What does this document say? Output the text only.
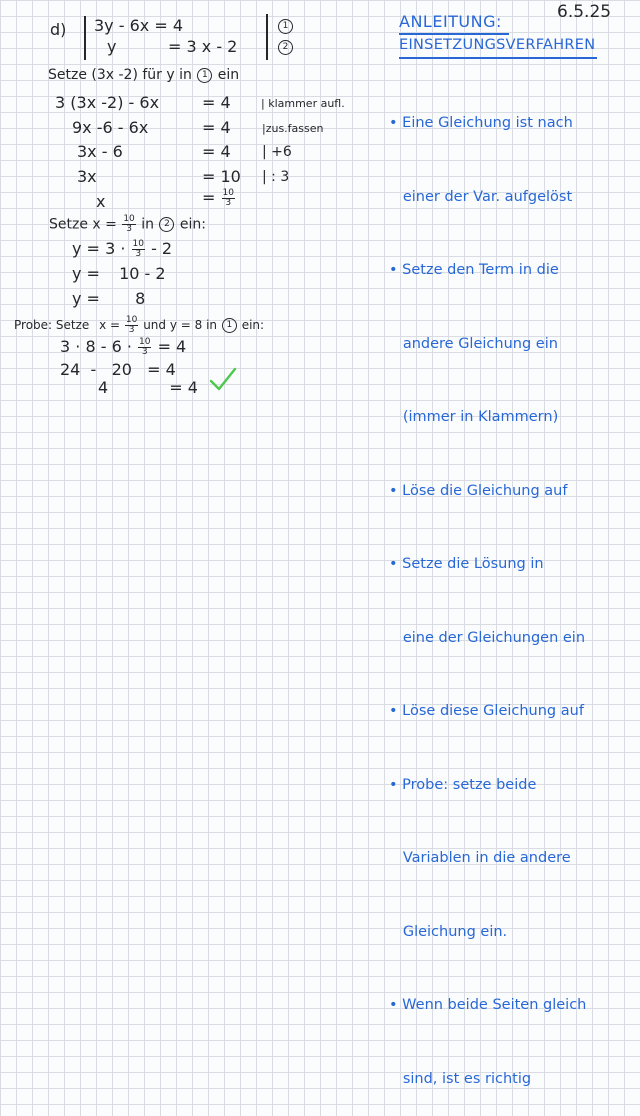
6.5.25
d) 3y - 6x = 4
y	= 3 x - 2
1
2
Setze (3x -2) für y in 1 ein
3 (3x -2) - 6x	= 4	| klammer aufl.
9x -6 - 6x	= 4	|zus.fassen
3x - 6	= 4 | +6
3x	= 10 | : 3
x	= $\frac{10}{3}$
Setze $x = \frac{10}{3}$ in 2 ein:
$y = 3 \cdot \frac{10}{3} - 2$
y = 10 - 2
y = 8
Probe: Setze $x = \frac{10}{3}$ und y = 8 in 1 ein:
$3 \cdot 8 - 6 \cdot \frac{10}{3} = 4$
24  -   20   = 4
4            = 4
ANLEITUNG:
EINSETZUNGSVERFAHREN

• Eine Gleichung ist nach

einer der Var. aufgelöst

• Setze den Term in die

andere Gleichung ein

(immer in Klammern)

• Löse die Gleichung auf

• Setze die Lösung in

eine der Gleichungen ein

• Löse diese Gleichung auf

• Probe: setze beide

Variablen in die andere

Gleichung ein.

• Wenn beide Seiten gleich

sind, ist es richtig
